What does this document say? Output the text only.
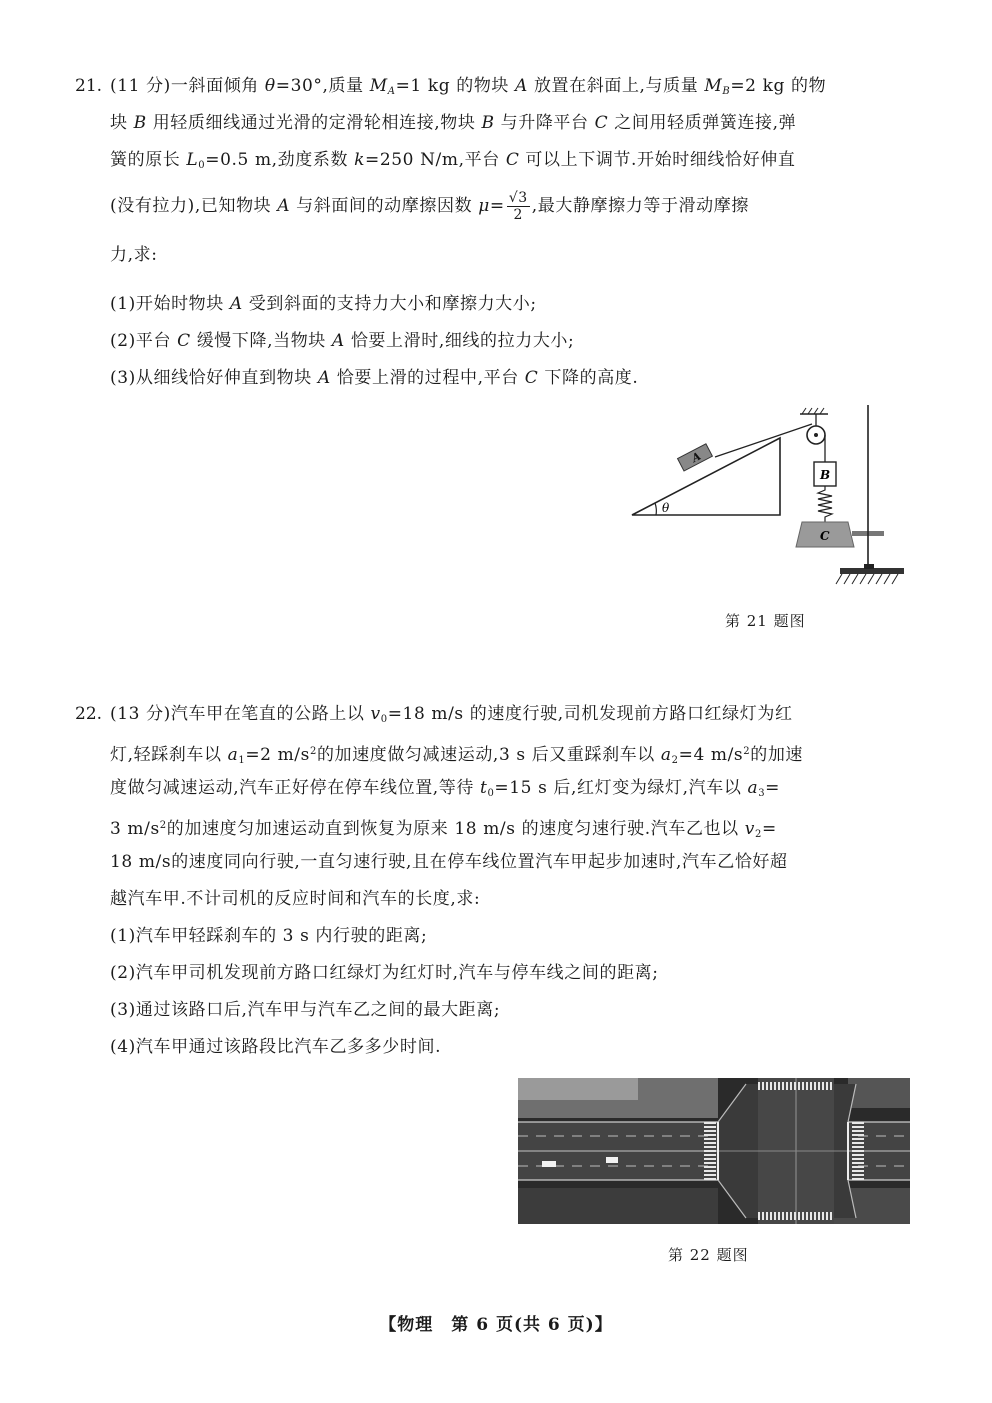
21. (11 分)一斜面倾角 θ=30°,质量 $M_A=1$ kg 的物块 A 放置在斜面上,与质量 $M_B=2$ kg 的物
块 B 用轻质细线通过光滑的定滑轮相连接,物块 B 与升降平台 C 之间用轻质弹簧连接,弹
簧的原长 $L_0=0.5$ m,劲度系数 k=250 N/m,平台 C 可以上下调节.开始时细线恰好伸直
(没有拉力),已知物块 A 与斜面间的动摩擦因数 $\mu= \frac{√3}{2}$ ,最大静摩擦力等于滑动摩擦
力,求:
(1)开始时物块 A 受到斜面的支持力大小和摩擦力大小;
(2)平台 C 缓慢下降,当物块 A 恰要上滑时,细线的拉力大小;
(3)从细线恰好伸直到物块 A 恰要上滑的过程中,平台 C 下降的高度.
θ
A
B
C
第 21 题图
22. (13 分)汽车甲在笔直的公路上以 $v_0=18$ m/s 的速度行驶,司机发现前方路口红绿灯为红
灯,轻踩刹车以 $a_1=2$ $m/s^2$的加速度做匀减速运动,3 s 后又重踩刹车以 $a_2=4$ $m/s^2$的加速
度做匀减速运动,汽车正好停在停车线位置,等待 $t_0=15$ s 后,红灯变为绿灯,汽车以 $a_3=$
3 $m/s^2$的加速度匀加速运动直到恢复为原来 18 m/s 的速度匀速行驶.汽车乙也以 $v_2=$
18 m/s的速度同向行驶,一直匀速行驶,且在停车线位置汽车甲起步加速时,汽车乙恰好超
越汽车甲.不计司机的反应时间和汽车的长度,求:
(1)汽车甲轻踩刹车的 3 s 内行驶的距离;
(2)汽车甲司机发现前方路口红绿灯为红灯时,汽车与停车线之间的距离;
(3)通过该路口后,汽车甲与汽车乙之间的最大距离;
(4)汽车甲通过该路段比汽车乙多多少时间.
第 22 题图
【物理　第 6 页(共 6 页)】
